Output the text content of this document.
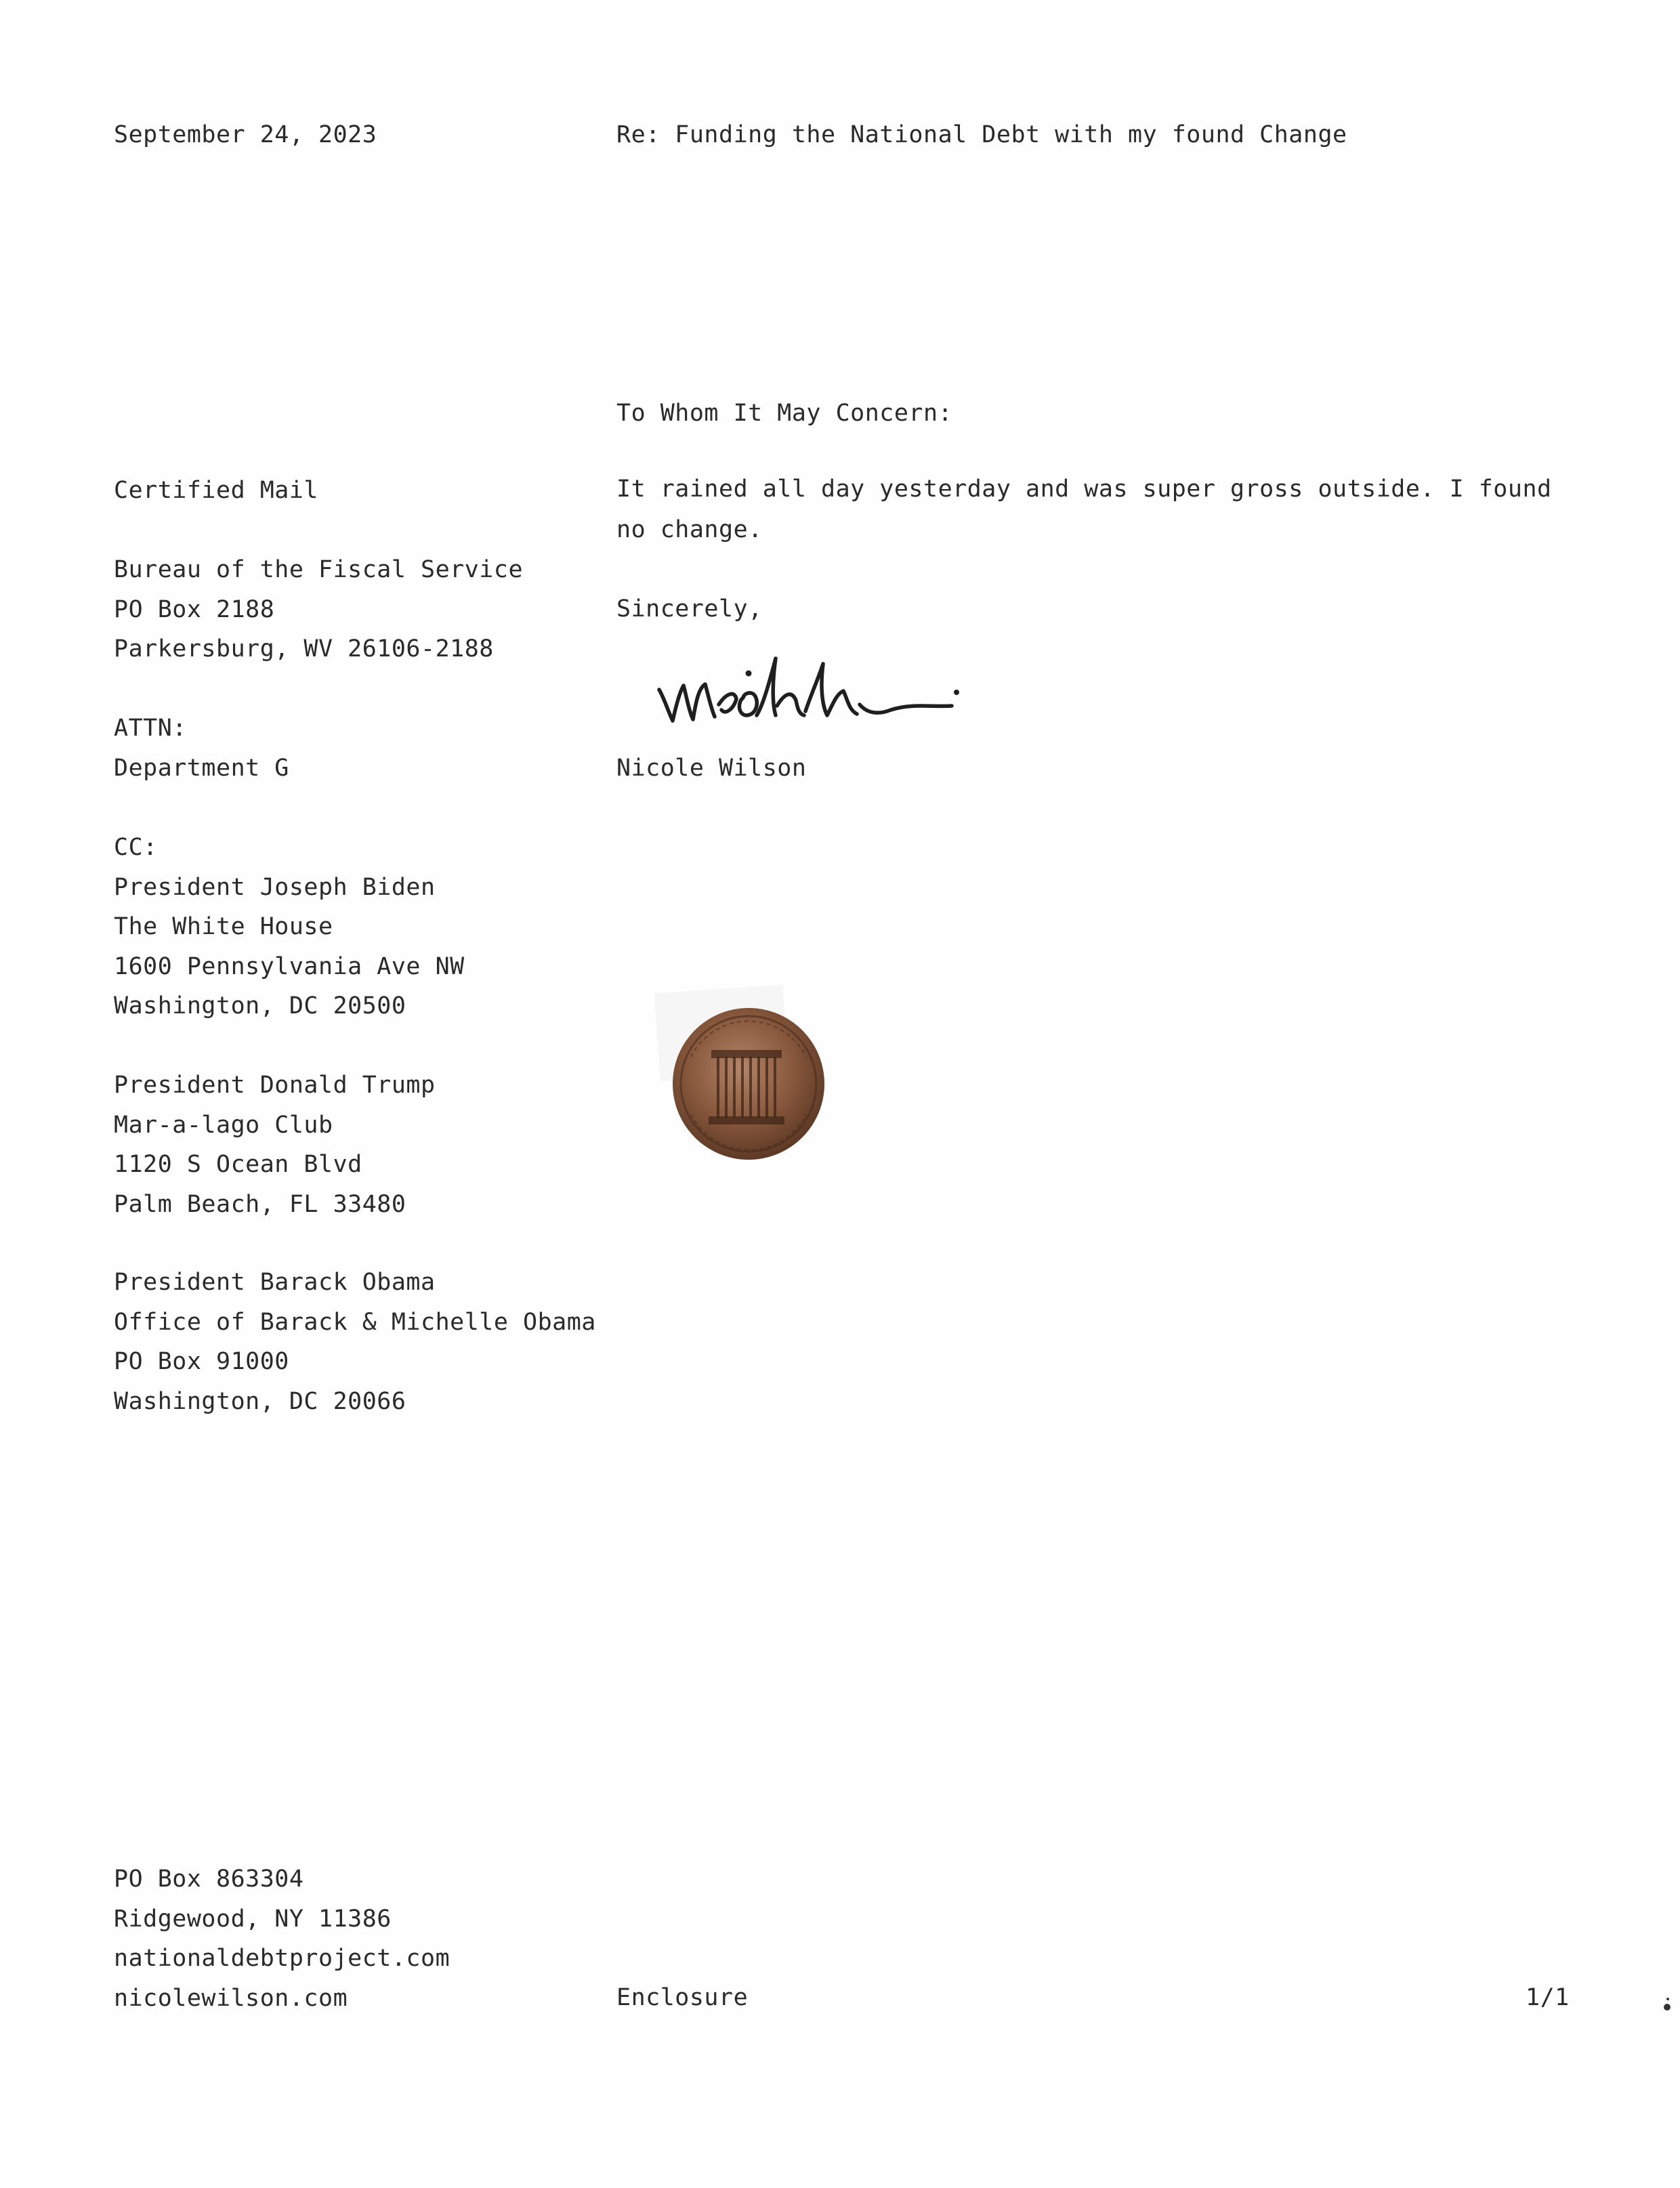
September 24, 2023	Re: Funding the National Debt with my found Change
To Whom It May Concern:
Certified Mail
Bureau of the Fiscal Service
PO Box 2188
Parkersburg, WV 26106-2188
ATTN:
Department G
CC:
President Joseph Biden
The White House
1600 Pennsylvania Ave NW
Washington, DC 20500
President Donald Trump
Mar-a-lago Club
1120 S Ocean Blvd
Palm Beach, FL 33480
President Barack Obama
Office of Barack & Michelle Obama
PO Box 91000
Washington, DC 20066
It rained all day yesterday and was super gross outside. I found no change.
Sincerely,
Nicole Wilson
PO Box 863304
Ridgewood, NY 11386
nationaldebtproject.com
nicolewilson.com	Enclosure	1/1
